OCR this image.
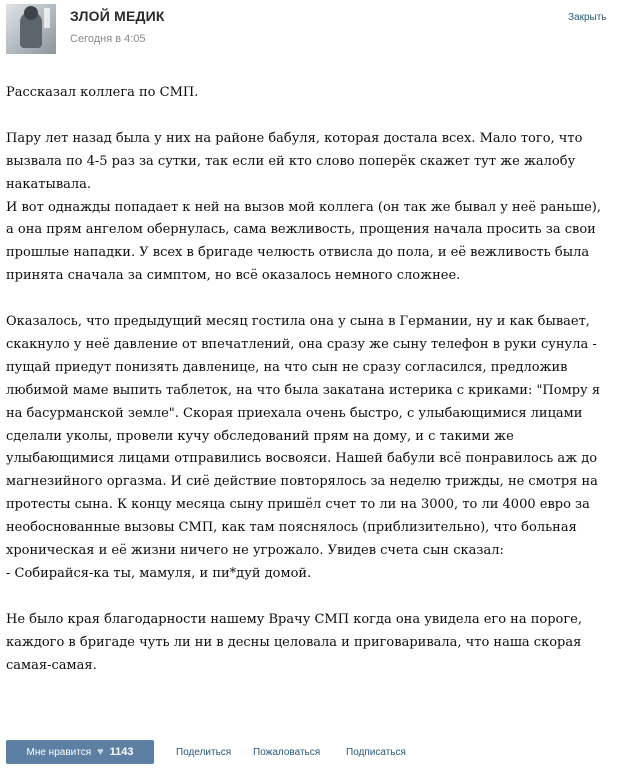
ЗЛОЙ МЕДИК
Сегодня в 4:05
Закрыть

Рассказал коллега по СМП.

Пару лет назад была у них на районе бабуля, которая достала всех. Мало того, что вызвала по 4-5 раз за сутки, так если ей кто слово поперёк скажет тут же жалобу накатывала.
И вот однажды попадает к ней на вызов мой коллега (он так же бывал у неё раньше), а она прям ангелом обернулась, сама вежливость, прощения начала просить за свои прошлые нападки. У всех в бригаде челюсть отвисла до пола, и её вежливость была принята сначала за симптом, но всё оказалось немного сложнее.

Оказалось, что предыдущий месяц гостила она у сына в Германии, ну и как бывает, скакнуло у неё давление от впечатлений, она сразу же сыну телефон в руки сунула - пущай приедут понизять давленице, на что сын не сразу согласился, предложив любимой маме выпить таблеток, на что была закатана истерика с криками: "Помру я на басурманской земле". Скорая приехала очень быстро, с улыбающимися лицами сделали уколы, провели кучу обследований прям на дому, и с такими же улыбающимися лицами отправились восвояси. Нашей бабули всё понравилось аж до магнезийного оргазма. И сиё действие повторялось за неделю трижды, не смотря на протесты сына. К концу месяца сыну пришёл счет то ли на 3000, то ли 4000 евро за необоснованные вызовы СМП, как там пояснялось (приблизительно), что больная хроническая и её жизни ничего не угрожало. Увидев счета сын сказал:
- Собирайся-ка ты, мамуля, и пи*дуй домой.

Не было края благодарности нашему Врачу СМП когда она увидела его на пороге, каждого в бригаде чуть ли ни в десны целовала и приговаривала, что наша скорая самая-самая.

Мне нравится ♥ 1143	Поделиться Пожаловаться	Подписаться
